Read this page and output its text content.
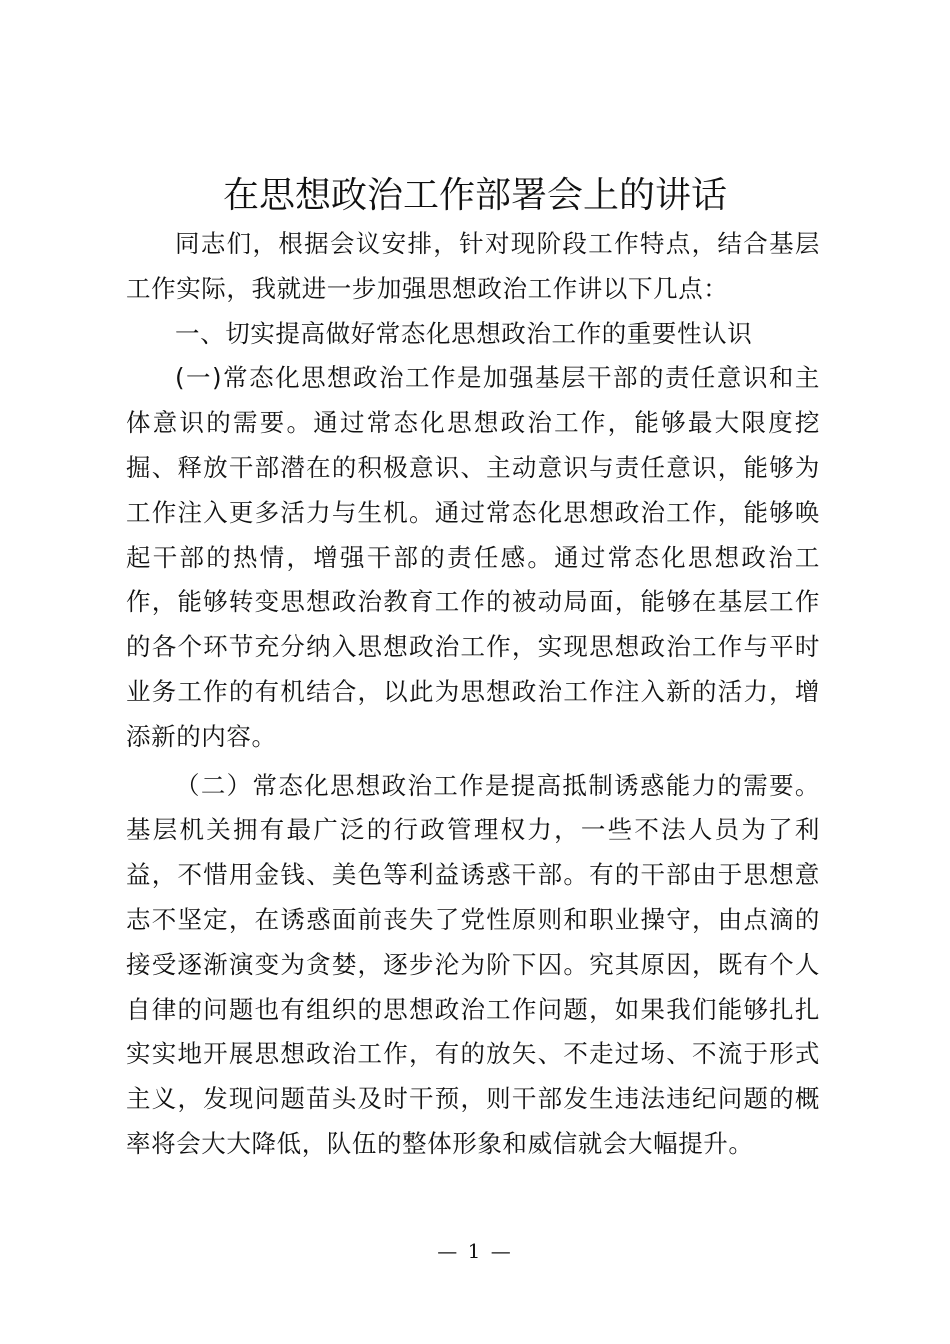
在思想政治工作部署会上的讲话

同志们，根据会议安排，针对现阶段工作特点，结合基层工作实际，我就进一步加强思想政治工作讲以下几点：

一、切实提高做好常态化思想政治工作的重要性认识

(一)常态化思想政治工作是加强基层干部的责任意识和主体意识的需要。通过常态化思想政治工作，能够最大限度挖掘、释放干部潜在的积极意识、主动意识与责任意识，能够为工作注入更多活力与生机。通过常态化思想政治工作，能够唤起干部的热情，增强干部的责任感。通过常态化思想政治工作，能够转变思想政治教育工作的被动局面，能够在基层工作的各个环节充分纳入思想政治工作，实现思想政治工作与平时业务工作的有机结合，以此为思想政治工作注入新的活力，增添新的内容。

（二）常态化思想政治工作是提高抵制诱惑能力的需要。基层机关拥有最广泛的行政管理权力，一些不法人员为了利益，不惜用金钱、美色等利益诱惑干部。有的干部由于思想意志不坚定，在诱惑面前丧失了党性原则和职业操守，由点滴的接受逐渐演变为贪婪，逐步沦为阶下囚。究其原因，既有个人自律的问题也有组织的思想政治工作问题，如果我们能够扎扎实实地开展思想政治工作，有的放矢、不走过场、不流于形式主义，发现问题苗头及时干预，则干部发生违法违纪问题的概率将会大大降低，队伍的整体形象和威信就会大幅提升。

— 1 —
